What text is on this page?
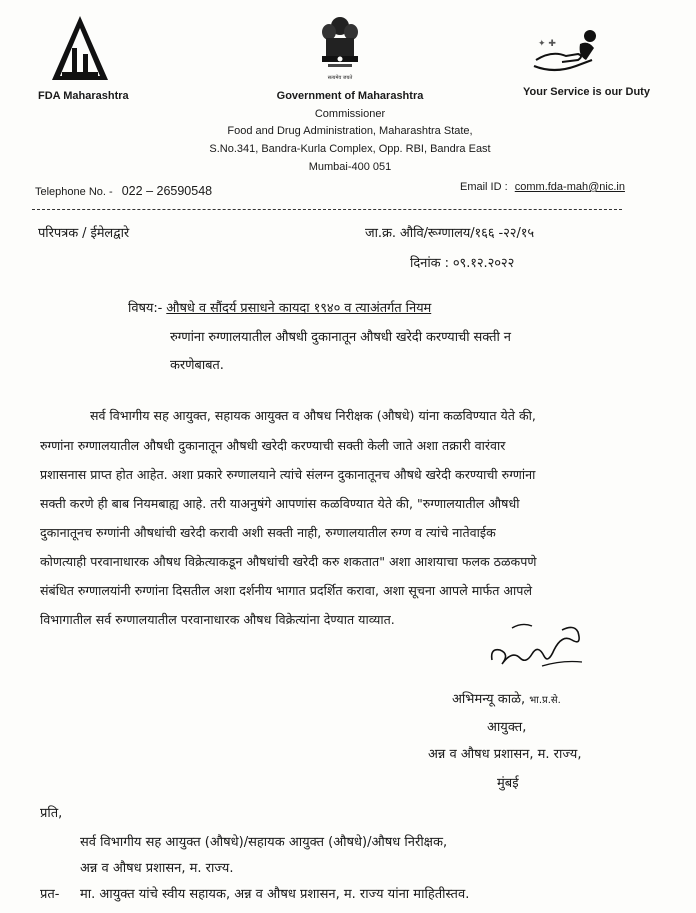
FDA Maharashtra
सत्यमेव जयते
✦ ✚
Your Service is our Duty
Government of Maharashtra
Commissioner
Food and Drug Administration, Maharashtra State,
S.No.341, Bandra-Kurla Complex, Opp. RBI, Bandra East
Mumbai-400 051
Telephone No. - 022 – 26590548	Email ID : comm.fda-mah@nic.in
परिपत्रक / ईमेलद्वारे	जा.क्र. औवि/रूग्णालय/१६६ -२२/१५
दिनांक : ०९.१२.२०२२
विषय:- औषधे व सौंदर्य प्रसाधने कायदा १९४० व त्याअंतर्गत नियम
रुग्णांना रुग्णालयातील औषधी दुकानातून औषधी खरेदी करण्याची सक्ती न
करणेबाबत.
सर्व विभागीय सह आयुक्त, सहायक आयुक्त व औषध निरीक्षक (औषधे) यांना कळविण्यात येते की,
रुग्णांना रुग्णालयातील औषधी दुकानातून औषधी खरेदी करण्याची सक्ती केली जाते अशा तक्रारी वारंवार
प्रशासनास प्राप्त होत आहेत. अशा प्रकारे रुग्णालयाने त्यांचे संलग्न दुकानातूनच औषधे खरेदी करण्याची रुग्णांना
सक्ती करणे ही बाब नियमबाह्य आहे. तरी याअनुषंगे आपणांस कळविण्यात येते की, "रुग्णालयातील औषधी
दुकानातूनच रुग्णांनी औषधांची खरेदी करावी अशी सक्ती नाही, रुग्णालयातील रुग्ण व त्यांचे नातेवाईक
कोणत्याही परवानाधारक औषध विक्रेत्याकडून औषधांची खरेदी करु शकतात" अशा आशयाचा फलक ठळकपणे
संबंधित रुग्णालयांनी रुग्णांना दिसतील अशा दर्शनीय भागात प्रदर्शित करावा, अशा सूचना आपले मार्फत आपले
विभागातील सर्व रुग्णालयातील परवानाधारक औषध विक्रेत्यांना देण्यात याव्यात.
अभिमन्यू काळे, भा.प्र.से.
आयुक्त,
अन्न व औषध प्रशासन, म. राज्य,
मुंबई
प्रति,
सर्व विभागीय सह आयुक्त (औषधे)/सहायक आयुक्त (औषधे)/औषध निरीक्षक,
अन्न व औषध प्रशासन, म. राज्य.
प्रत- मा. आयुक्त यांचे स्वीय सहायक, अन्न व औषध प्रशासन, म. राज्य यांना माहितीस्तव.
